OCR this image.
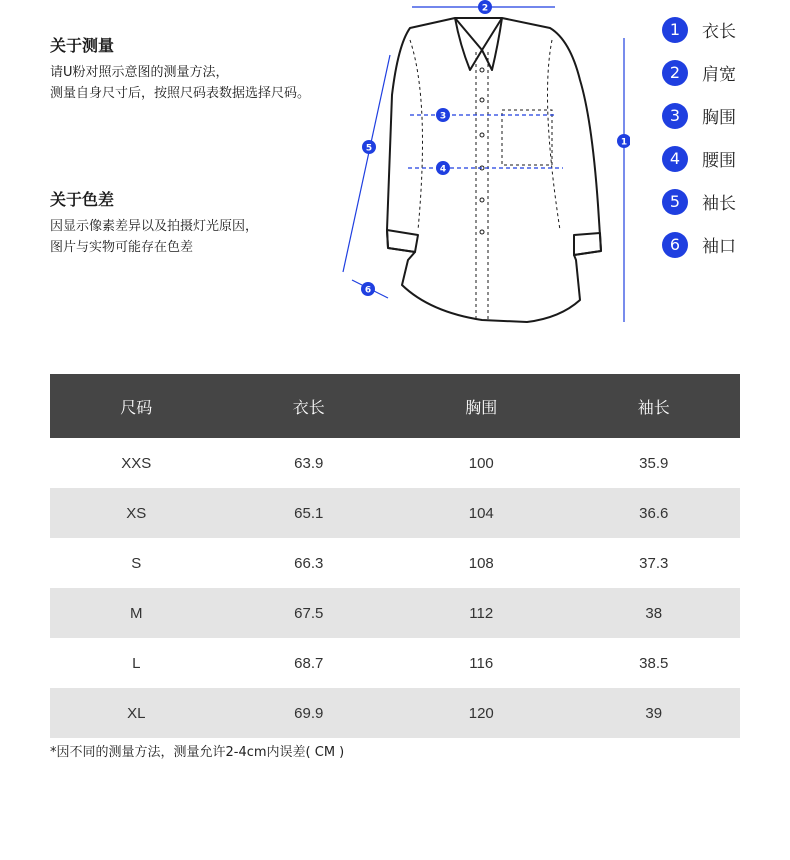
关于测量
请U粉对照示意图的测量方法，
测量自身尺寸后，按照尺码表数据选择尺码。
关于色差
因显示像素差异以及拍摄灯光原因，
图片与实物可能存在色差
2
3
4
1
5
6
1	衣长
2	肩宽
3	胸围
4	腰围
5	袖长
6	袖口
尺码	衣长	胸围	袖长
XXS	63.9	100	35.9
XS	65.1	104	36.6
S	66.3	108	37.3
M	67.5	112	38
L	68.7	116	38.5
XL	69.9	120	39
*因不同的测量方法，测量允许2-4cm内误差( CM )
